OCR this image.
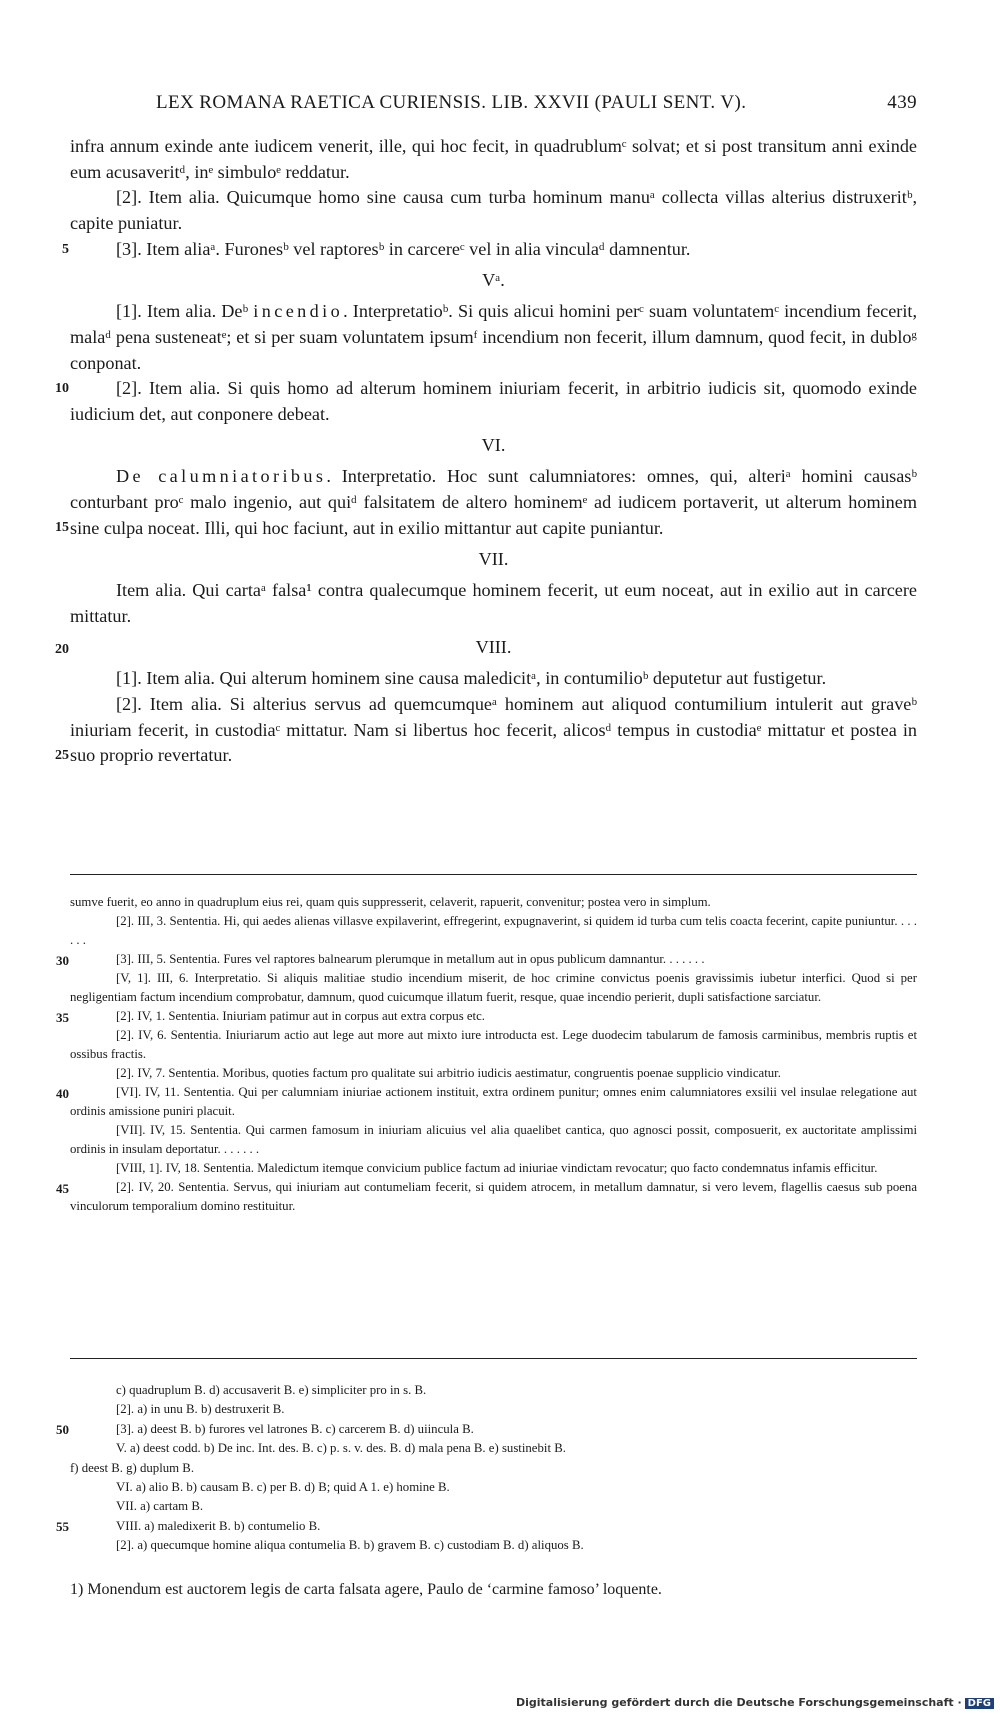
LEX ROMANA RAETICA CURIENSIS. LIB. XXVII (PAULI SENT. V).	439

infra annum exinde ante iudicem venerit, ille, qui hoc fecit, in quadrublumᶜ solvat; et si post transitum anni exinde eum acusaveritᵈ, inᵉ simbuloᵉ reddatur.

[2]. Item alia. Quicumque homo sine causa cum turba hominum manuᵃ collecta villas alterius distruxeritᵇ, capite puniatur.

5	[3]. Item aliaᵃ. Furonesᵇ vel raptoresᵇ in carcereᶜ vel in alia vinculaᵈ damnentur.

Vᵃ.

[1]. Item alia. Deᵇ incendio. Interpretatioᵇ. Si quis alicui homini perᶜ suam voluntatemᶜ incendium fecerit, malaᵈ pena susteneatᵉ; et si per suam voluntatem ipsumᶠ incendium non fecerit, illum damnum, quod fecit, in dubloᵍ conponat.

10	[2]. Item alia. Si quis homo ad alterum hominem iniuriam fecerit, in arbitrio iudicis sit, quomodo exinde iudicium det, aut conponere debeat.

VI.

De calumniatoribus. Interpretatio. Hoc sunt calumniatores: omnes, qui, alteriᵃ homini causasᵇ conturbant proᶜ malo ingenio, aut quiᵈ falsitatem de altero hominemᵉ ad iudicem portaverit, ut alterum hominem sine culpa noceat. Illi, qui hoc faciunt, aut in exilio mittantur aut capite puniantur.
15

VII.

Item alia. Qui cartaᵃ falsa¹ contra qualecumque hominem fecerit, ut eum noceat, aut in exilio aut in carcere mittatur.

20	VIII.

[1]. Item alia. Qui alterum hominem sine causa maledicitᵃ, in contumilioᵇ deputetur aut fustigetur.

[2]. Item alia. Si alterius servus ad quemcumqueᵃ hominem aut aliquod contumilium intulerit aut graveᵇ iniuriam fecerit, in custodiaᶜ mittatur. Nam si libertus hoc fecerit, alicosᵈ tempus in custodiaᵉ mittatur et postea in suo proprio revertatur.
25

sumve fuerit, eo anno in quadruplum eius rei, quam quis suppresserit, celaverit, rapuerit, convenitur; postea vero in simplum.

[2]. III, 3. Sententia. Hi, qui aedes alienas villasve expilaverint, effregerint, expugnaverint, si quidem id turba cum telis coacta fecerint, capite puniuntur. . . . . . .

30	[3]. III, 5. Sententia. Fures vel raptores balnearum plerumque in metallum aut in opus publicum damnantur. . . . . . .

[V, 1]. III, 6. Interpretatio. Si aliquis malitiae studio incendium miserit, de hoc crimine convictus poenis gravissimis iubetur interfici. Quod si per negligentiam factum incendium comprobatur, damnum, quod cuicumque illatum fuerit, resque, quae incendio perierit, dupli satisfactione sarciatur.

35	[2]. IV, 1. Sententia. Iniuriam patimur aut in corpus aut extra corpus etc.

[2]. IV, 6. Sententia. Iniuriarum actio aut lege aut more aut mixto iure introducta est. Lege duodecim tabularum de famosis carminibus, membris ruptis et ossibus fractis.

[2]. IV, 7. Sententia. Moribus, quoties factum pro qualitate sui arbitrio iudicis aestimatur, congruentis poenae supplicio vindicatur.

40	[VI]. IV, 11. Sententia. Qui per calumniam iniuriae actionem instituit, extra ordinem punitur; omnes enim calumniatores exsilii vel insulae relegatione aut ordinis amissione puniri placuit.

[VII]. IV, 15. Sententia. Qui carmen famosum in iniuriam alicuius vel alia quaelibet cantica, quo agnosci possit, composuerit, ex auctoritate amplissimi ordinis in insulam deportatur. . . . . . .

[VIII, 1]. IV, 18. Sententia. Maledictum itemque convicium publice factum ad iniuriae vindictam revocatur; quo facto condemnatus infamis efficitur.
45	[2]. IV, 20. Sententia. Servus, qui iniuriam aut contumeliam fecerit, si quidem atrocem, in metallum damnatur, si vero levem, flagellis caesus sub poena vinculorum temporalium domino restituitur.

c) quadruplum B. d) accusaverit B. e) simpliciter pro in s. B.

[2]. a) in unu B. b) destruxerit B.

50	[3]. a) deest B. b) furores vel latrones B. c) carcerem B. d) uiincula B.

V. a) deest codd. b) De inc. Int. des. B. c) p. s. v. des. B. d) mala pena B. e) sustinebit B.

f) deest B. g) duplum B.

VI. a) alio B. b) causam B. c) per B. d) B; quid A 1. e) homine B.

VII. a) cartam B.

55	VIII. a) maledixerit B. b) contumelio B.

[2]. a) quecumque homine aliqua contumelia B. b) gravem B. c) custodiam B. d) aliquos B.

1) Monendum est auctorem legis de carta falsata agere, Paulo de ‘carmine famoso’ loquente.
Digitalisierung gefördert durch die Deutsche Forschungsgemeinschaft · DFG
